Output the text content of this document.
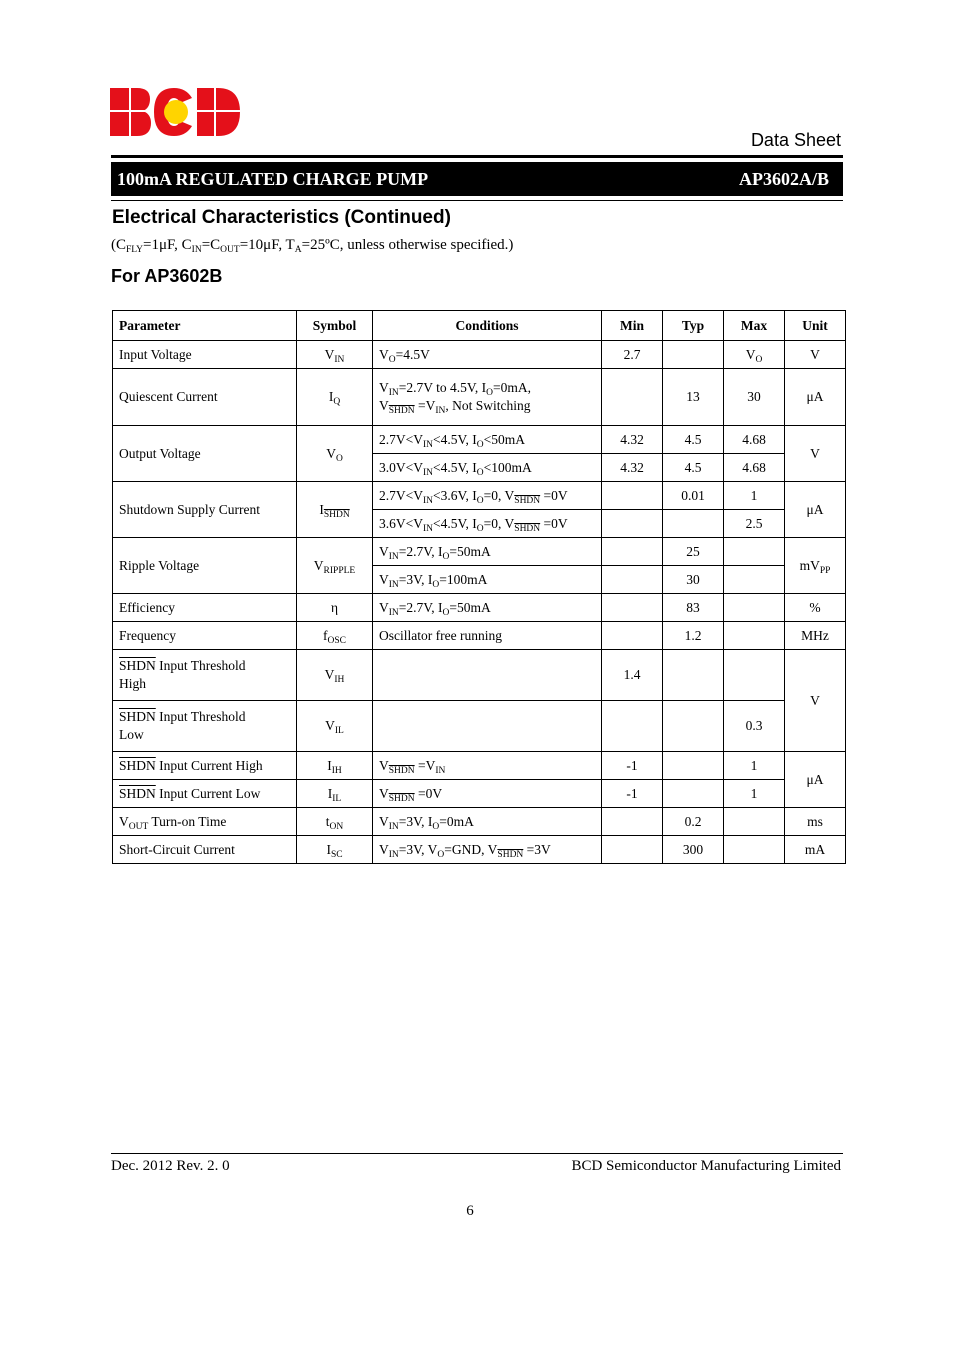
Data Sheet
100mA REGULATED CHARGE PUMP	AP3602A/B
Electrical Characteristics (Continued)
($C_{FLY}=1\mu F$, $C_{IN}=C_{OUT}=10\mu F$, $T_A=25ºC$, unless otherwise specified.)
For AP3602B
Parameter	Symbol	Conditions	Min	Typ	Max	Unit
Input Voltage	$V_{IN}$	$V_O=4.5V$	2.7		$V_O$	V
Quiescent Current	$I_Q$	$V_{IN}=2.7V$ to 4.5V, $I_O=0mA$,
$V_{SHDN} =V_{IN}$, Not Switching		13	30	μA
Output Voltage	$V_O$	$2.7V<V_{IN}<4.5V$, $I_O<50mA$	4.32	4.5	4.68	V
		$3.0V<V_{IN}<4.5V$, $I_O<100mA$	4.32	4.5	4.68	
Shutdown Supply Current	$I_{SHDN}$	$2.7V<V_{IN}<3.6V$, $I_O=0$, $V_{SHDN} =0V$		0.01	1	μA
		$3.6V<V_{IN}<4.5V$, $I_O=0$, $V_{SHDN} =0V$			2.5	
Ripple Voltage	$V_{RIPPLE}$	$V_{IN}=2.7V$, $I_O=50mA$		25		$mV_{PP}$
		$V_{IN}=3V$, $I_O=100mA$		30		
Efficiency	η	$V_{IN}=2.7V$, $I_O=50mA$		83		%
Frequency	$f_{OSC}$	Oscillator free running		1.2		MHz
SHDN Input Threshold
High	$V_{IH}$		1.4			V
SHDN Input Threshold
Low	$V_{IL}$				0.3	
SHDN Input Current High	$I_{IH}$	$V_{SHDN} =V_{IN}$	-1		1	μA
SHDN Input Current Low	$I_{IL}$	$V_{SHDN} =0V$	-1		1	
$V_{OUT}$ Turn-on Time	$t_{ON}$	$V_{IN}=3V$, $I_O=0mA$		0.2		ms
Short-Circuit Current	$I_{SC}$	$V_{IN}=3V$, $V_O=GND$, $V_{SHDN} =3V$		300		mA
Dec. 2012 Rev. 2. 0	BCD Semiconductor Manufacturing Limited
6
